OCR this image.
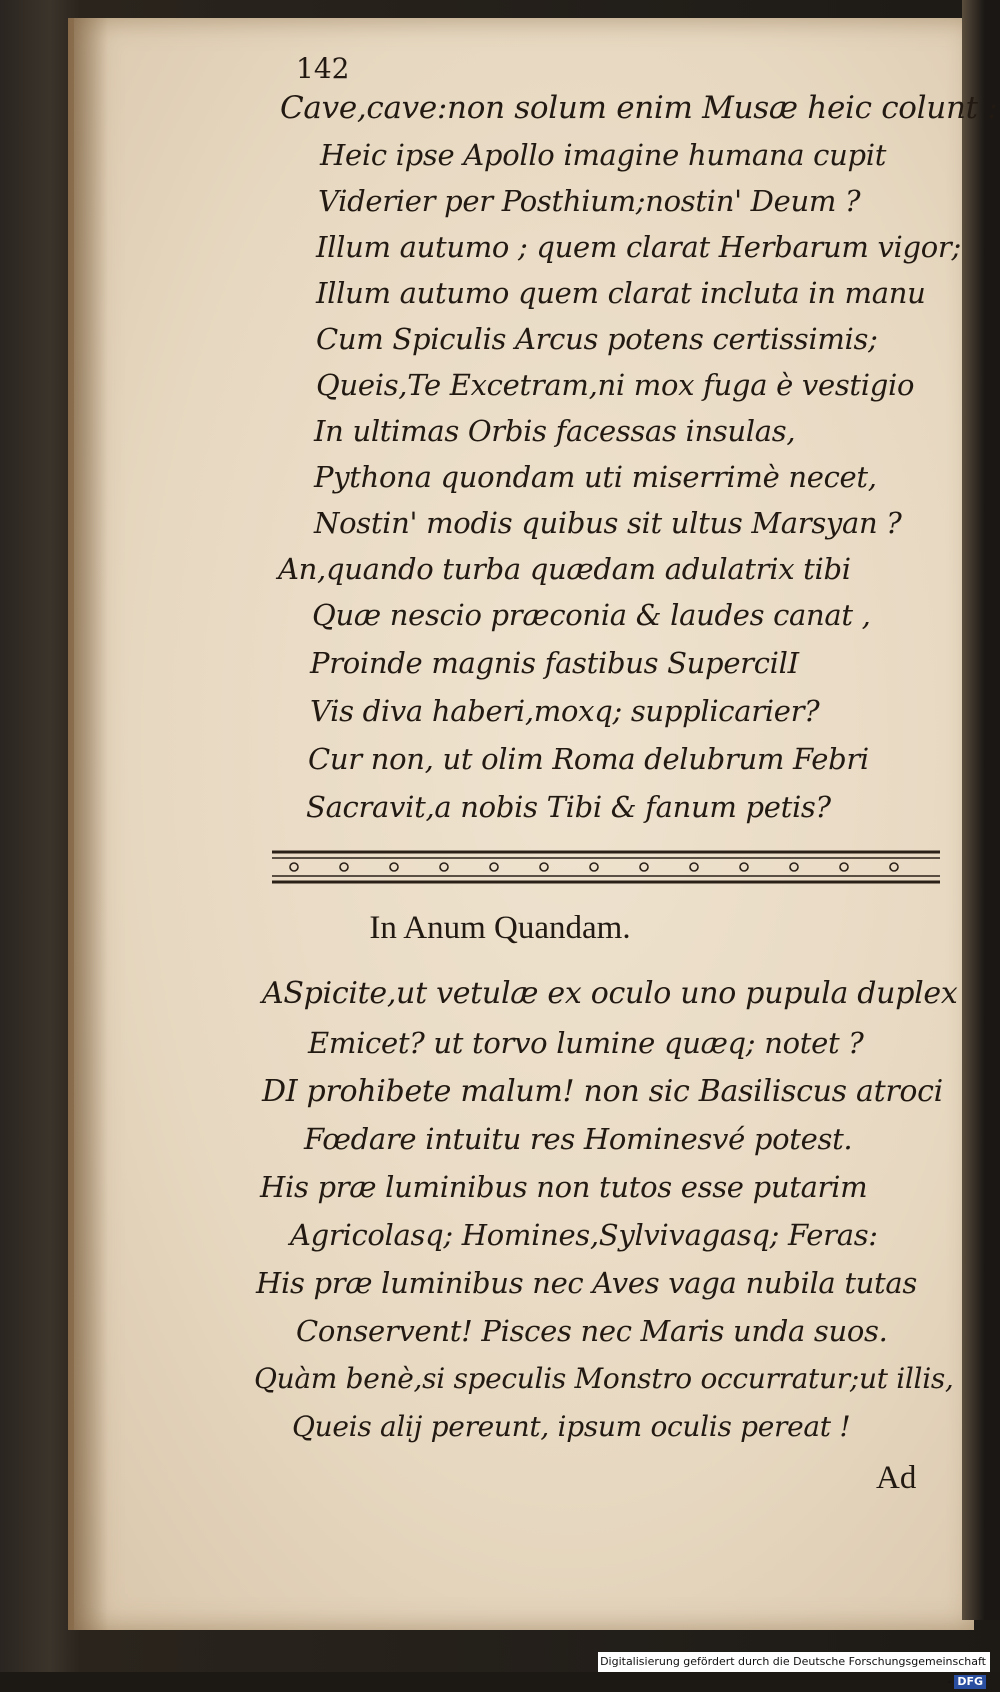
142
Cave,cave:non solum enim Musæ heic colunt :
Heic ipse Apollo imagine humana cupit
Viderier per Posthium;nostin' Deum ?
Illum autumo ; quem clarat Herbarum vigor;
Illum autumo quem clarat incluta in manu
Cum Spiculis Arcus potens certissimis;
Queis,Te Excetram,ni mox fuga è vestigio
In ultimas Orbis facessas insulas,
Pythona quondam uti miserrimè necet,
Nostin' modis quibus sit ultus Marsyan ?
An,quando turba quædam adulatrix tibi
Quæ nescio præconia & laudes canat ,
Proinde magnis fastibus SupercilI
Vis diva haberi,moxq; supplicarier?
Cur non, ut olim Roma delubrum Febri
In Anum Quandam.
ASpicite,ut vetulæ ex oculo uno pupula duplex
Emicet? ut torvo lumine quæq; notet ?
DI prohibete malum! non sic Basiliscus atroci
Fœdare intuitu res Hominesvé potest.
His præ luminibus non tutos esse putarim
Agricolasq; Homines,Sylvivagasq; Feras:
His præ luminibus nec Aves vaga nubila tutas
Conservent! Pisces nec Maris unda suos.
Quàm benè,si speculis Monstro occurratur;ut illis,
Queis alij pereunt, ipsum oculis pereat !
Ad
Digitalisierung gefördert durch die Deutsche Forschungsgemeinschaft - DFG
Sacravit,a nobis Tibi & fanum petis?
